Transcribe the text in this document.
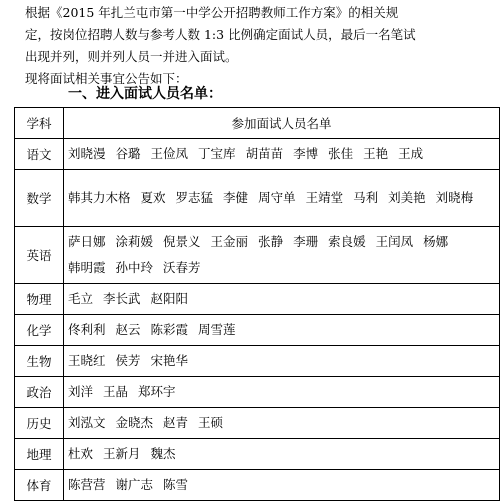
　　根据《2015 年扎兰屯市第一中学公开招聘教师工作方案》的相关规
定，按岗位招聘人数与参考人数 1:3 比例确定面试人员，最后一名笔试
出现并列，则并列人员一并进入面试。
　　现将面试相关事宜公告如下：
一、进入面试人员名单：
学科	参加面试人员名单
语文	刘晓漫 谷璐 王俭凤 丁宝库 胡苗苗 李博 张佳 王艳 王成
数学	韩其力木格 夏欢 罗志猛 李健 周守单 王靖堂 马利 刘美艳 刘晓梅
英语	萨日娜 涂莉媛 倪景义 王金丽 张静 李珊 索良媛 王闰凤 杨娜韩明霞 孙中玲 沃春芳
物理	毛立 李长武 赵阳阳
化学	佟利利 赵云 陈彩霞 周雪莲
生物	王晓红 侯芳 宋艳华
政治	刘洋 王晶 郑环宇
历史	刘泓文 金晓杰 赵青 王硕
地理	杜欢 王新月 魏杰
体育	陈营营 谢广志 陈雪
